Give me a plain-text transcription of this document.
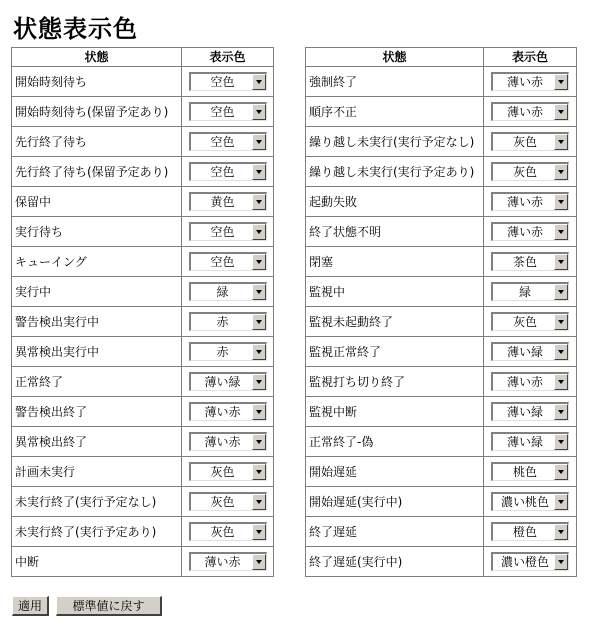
状態表示色
状態	表示色
開始時刻待ち	空色

開始時刻待ち(保留予定あり)	空色

先行終了待ち	空色

先行終了待ち(保留予定あり)	空色

保留中	黄色

実行待ち	空色

キューイング	空色

実行中	緑

警告検出実行中	赤

異常検出実行中	赤

正常終了	薄い緑

警告検出終了	薄い赤

異常検出終了	薄い赤

計画未実行	灰色

未実行終了(実行予定なし)	灰色

未実行終了(実行予定あり)	灰色

中断	薄い赤
状態	表示色
強制終了	薄い赤

順序不正	薄い赤

繰り越し未実行(実行予定なし)	灰色

繰り越し未実行(実行予定あり)	灰色

起動失敗	薄い赤

終了状態不明	薄い赤

閉塞	茶色

監視中	緑

監視未起動終了	灰色

監視正常終了	薄い緑

監視打ち切り終了	薄い赤

監視中断	薄い緑

正常終了-偽	薄い緑

開始遅延	桃色

開始遅延(実行中)	濃い桃色

終了遅延	橙色

終了遅延(実行中)	濃い橙色
適用	標準値に戻す
